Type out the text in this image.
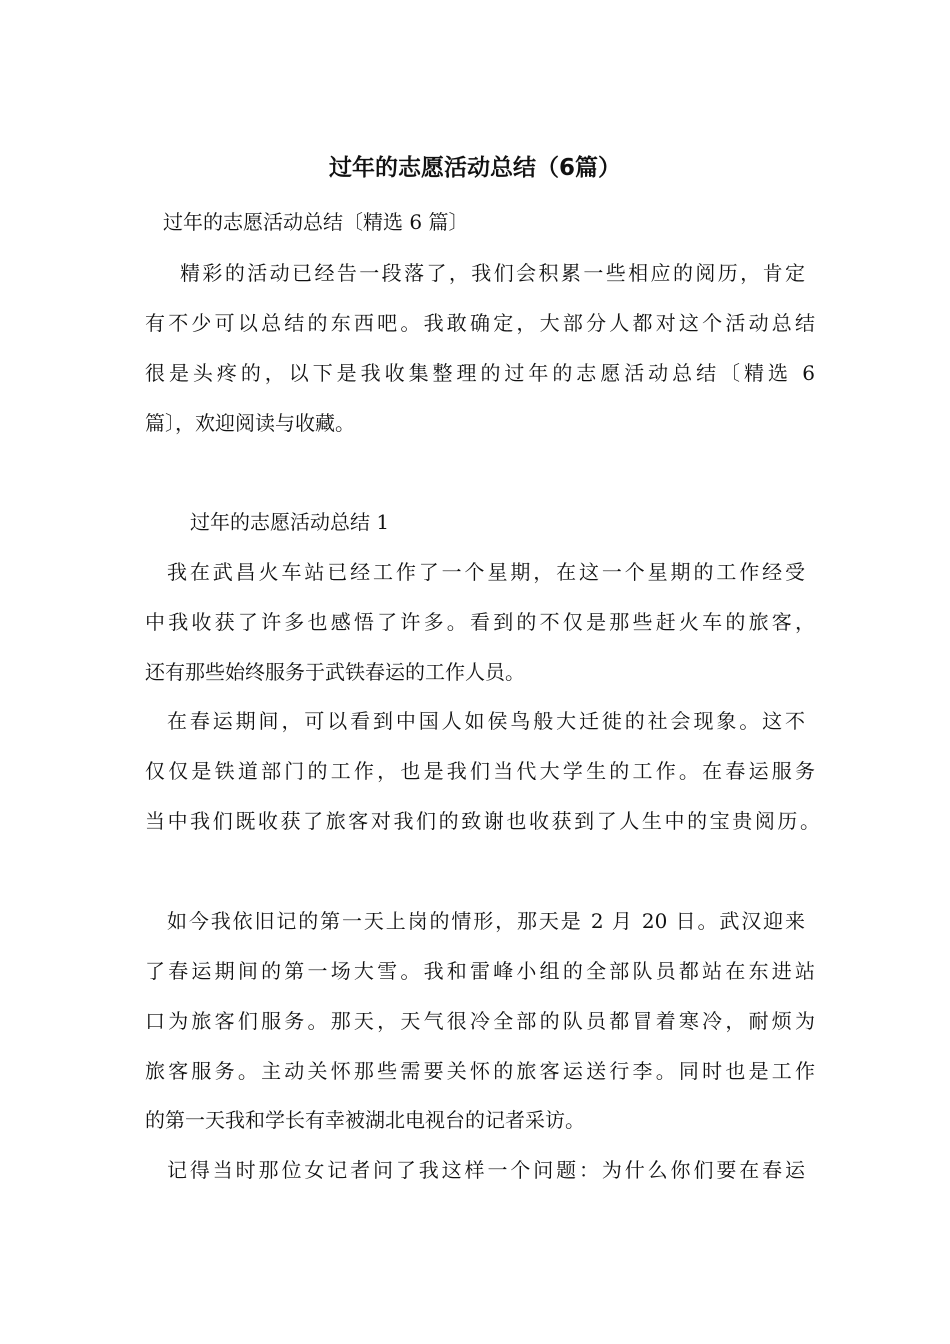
过年的志愿活动总结（6篇）
过年的志愿活动总结〔精选 6 篇〕
精彩的活动已经告一段落了，我们会积累一些相应的阅历，肯定
有不少可以总结的东西吧。我敢确定，大部分人都对这个活动总结
很是头疼的，以下是我收集整理的过年的志愿活动总结〔精选 6
篇〕，欢迎阅读与收藏。
过年的志愿活动总结 1
我在武昌火车站已经工作了一个星期，在这一个星期的工作经受
中我收获了许多也感悟了许多。看到的不仅是那些赶火车的旅客，
还有那些始终服务于武铁春运的工作人员。
在春运期间，可以看到中国人如侯鸟般大迁徙的社会现象。这不
仅仅是铁道部门的工作，也是我们当代大学生的工作。在春运服务
当中我们既收获了旅客对我们的致谢也收获到了人生中的宝贵阅历。
如今我依旧记的第一天上岗的情形，那天是 2 月 20 日。武汉迎来
了春运期间的第一场大雪。我和雷峰小组的全部队员都站在东进站
口为旅客们服务。那天，天气很冷全部的队员都冒着寒冷，耐烦为
旅客服务。主动关怀那些需要关怀的旅客运送行李。同时也是工作
的第一天我和学长有幸被湖北电视台的记者采访。
记得当时那位女记者问了我这样一个问题：为什么你们要在春运
